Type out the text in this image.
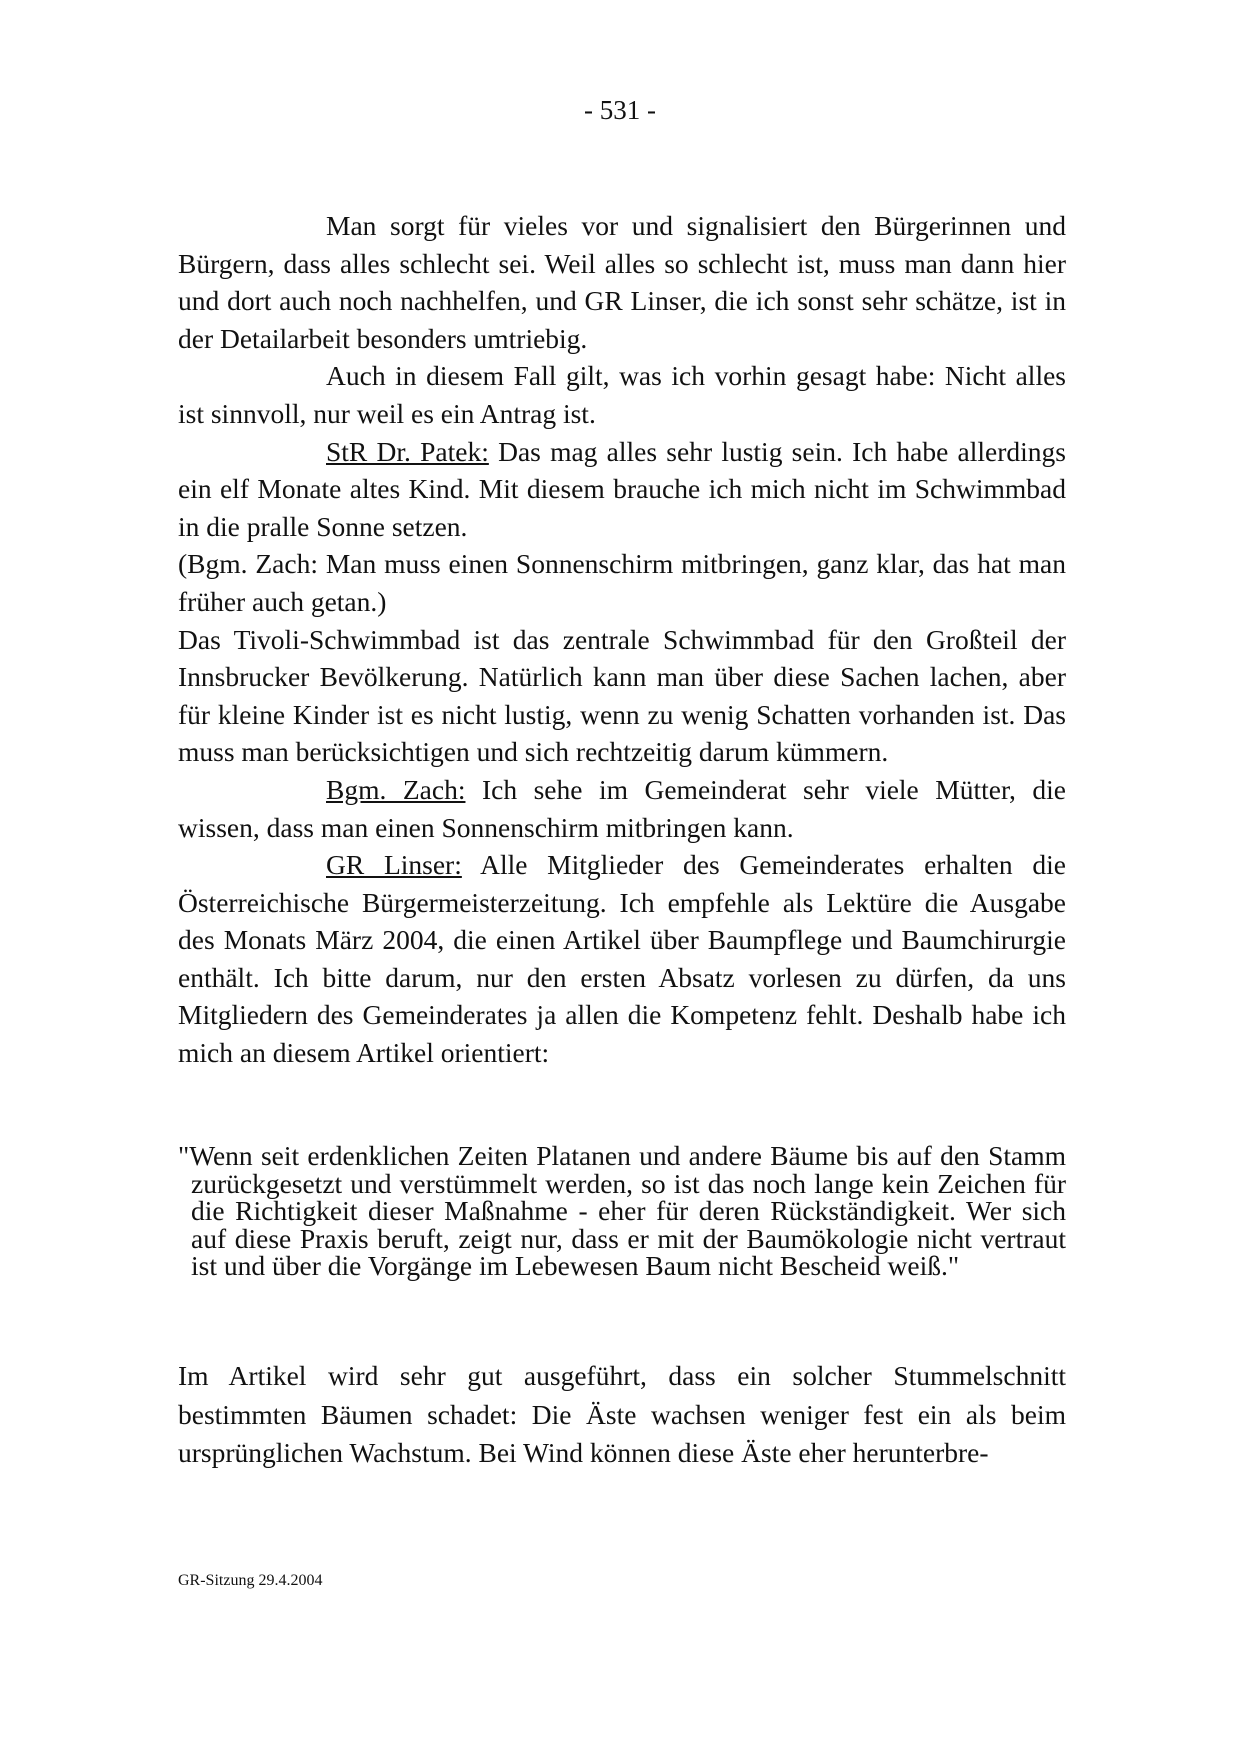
- 531 -

Man sorgt für vieles vor und signalisiert den Bürgerinnen und Bürgern, dass alles schlecht sei. Weil alles so schlecht ist, muss man dann hier und dort auch noch nachhelfen, und GR Linser, die ich sonst sehr schätze, ist in der Detailarbeit besonders umtriebig.

Auch in diesem Fall gilt, was ich vorhin gesagt habe: Nicht alles ist sinnvoll, nur weil es ein Antrag ist.

StR Dr. Patek: Das mag alles sehr lustig sein. Ich habe allerdings ein elf Monate altes Kind. Mit diesem brauche ich mich nicht im Schwimmbad in die pralle Sonne setzen.

(Bgm. Zach: Man muss einen Sonnenschirm mitbringen, ganz klar, das hat man früher auch getan.)

Das Tivoli-Schwimmbad ist das zentrale Schwimmbad für den Großteil der Innsbrucker Bevölkerung. Natürlich kann man über diese Sachen lachen, aber für kleine Kinder ist es nicht lustig, wenn zu wenig Schatten vorhanden ist. Das muss man berücksichtigen und sich rechtzeitig darum kümmern.

Bgm. Zach: Ich sehe im Gemeinderat sehr viele Mütter, die wissen, dass man einen Sonnenschirm mitbringen kann.

GR Linser: Alle Mitglieder des Gemeinderates erhalten die Österreichische Bürgermeisterzeitung. Ich empfehle als Lektüre die Ausgabe des Monats März 2004, die einen Artikel über Baumpflege und Baumchirurgie enthält. Ich bitte darum, nur den ersten Absatz vorlesen zu dürfen, da uns Mitgliedern des Gemeinderates ja allen die Kompetenz fehlt. Deshalb habe ich mich an diesem Artikel orientiert:

"Wenn seit erdenklichen Zeiten Platanen und andere Bäume bis auf den Stamm zurückgesetzt und verstümmelt werden, so ist das noch lange kein Zeichen für die Richtigkeit dieser Maßnahme - eher für deren Rückständigkeit. Wer sich auf diese Praxis beruft, zeigt nur, dass er mit der Baumökologie nicht vertraut ist und über die Vorgänge im Lebewesen Baum nicht Bescheid weiß."

Im Artikel wird sehr gut ausgeführt, dass ein solcher Stummelschnitt bestimmten Bäumen schadet: Die Äste wachsen weniger fest ein als beim ursprünglichen Wachstum. Bei Wind können diese Äste eher herunterbre-

GR-Sitzung 29.4.2004
